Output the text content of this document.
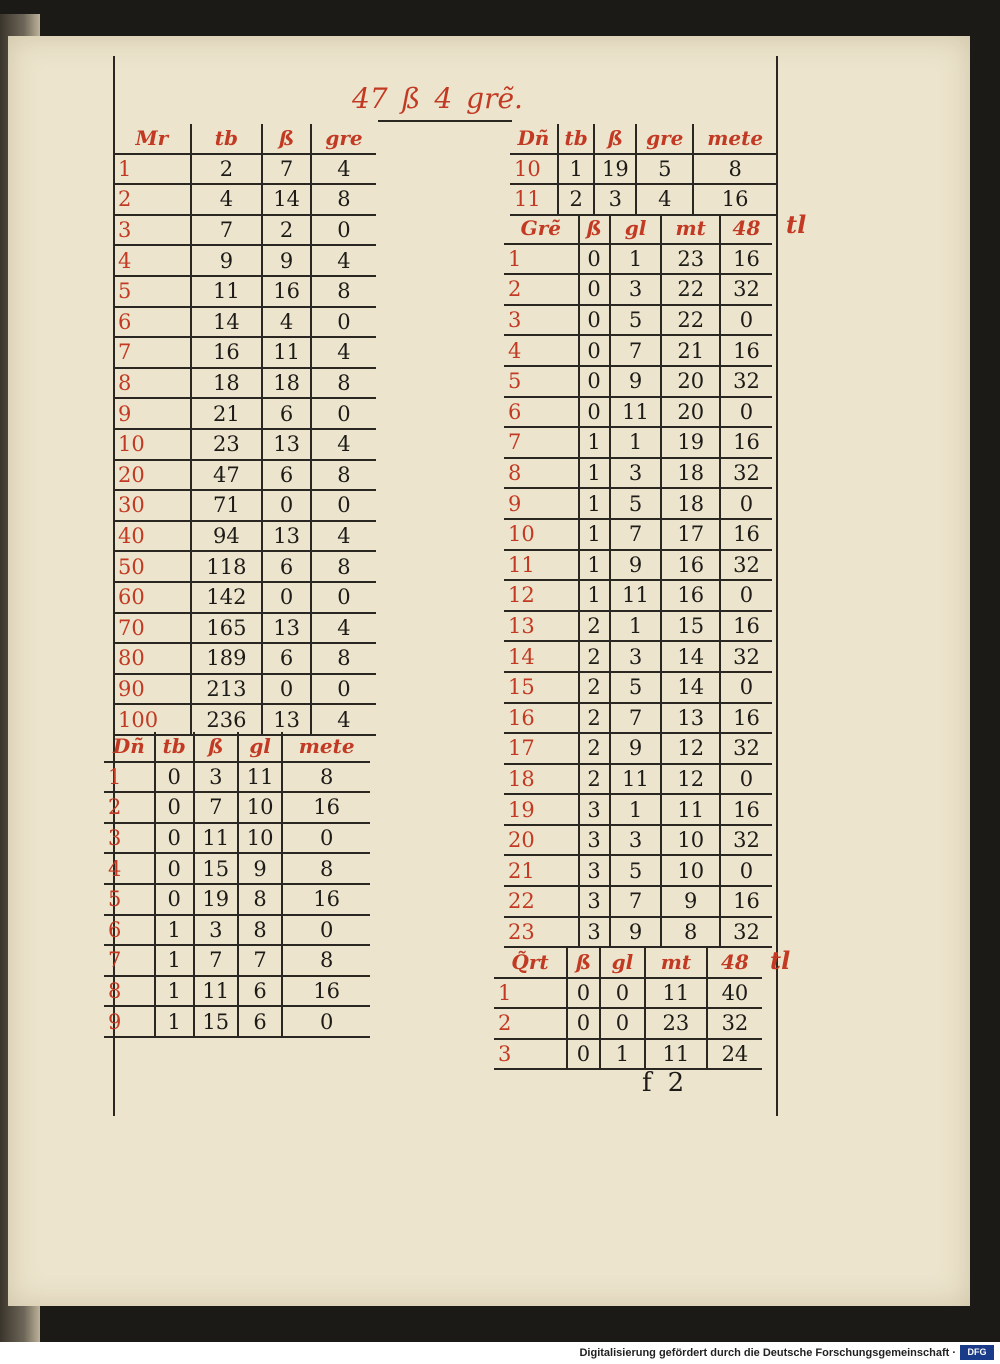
47 ß 4 grẽ.
Mr	tb	ß	gre
1	2	7	4
2	4	14	8
3	7	2	0
4	9	9	4
5	11	16	8
6	14	4	0
7	16	11	4
8	18	18	8
9	21	6	0
10	23	13	4
20	47	6	8
30	71	0	0
40	94	13	4
50	118	6	8
60	142	0	0
70	165	13	4
80	189	6	8
90	213	0	0
100	236	13	4
Dñ	tb	ß	gl	mete
1	0	3	11	8
2	0	7	10	16
3	0	11	10	0
4	0	15	9	8
5	0	19	8	16
6	1	3	8	0
7	1	7	7	8
8	1	11	6	16
9	1	15	6	0
Dñ	tb	ß	gre	mete
10	1	19	5	8
11	2	3	4	16
Grẽ	ß	gl	mt	48
1	0	1	23	16
2	0	3	22	32
3	0	5	22	0
4	0	7	21	16
5	0	9	20	32
6	0	11	20	0
7	1	1	19	16
8	1	3	18	32
9	1	5	18	0
10	1	7	17	16
11	1	9	16	32
12	1	11	16	0
13	2	1	15	16
14	2	3	14	32
15	2	5	14	0
16	2	7	13	16
17	2	9	12	32
18	2	11	12	0
19	3	1	11	16
20	3	3	10	32
21	3	5	10	0
22	3	7	9	16
23	3	9	8	32
Q̃rt	ß	gl	mt	48
1	0	0	11	40
2	0	0	23	32
3	0	1	11	24
tl
tl
f 2
Digitalisierung gefördert durch die Deutsche Forschungsgemeinschaft ·	DFG
